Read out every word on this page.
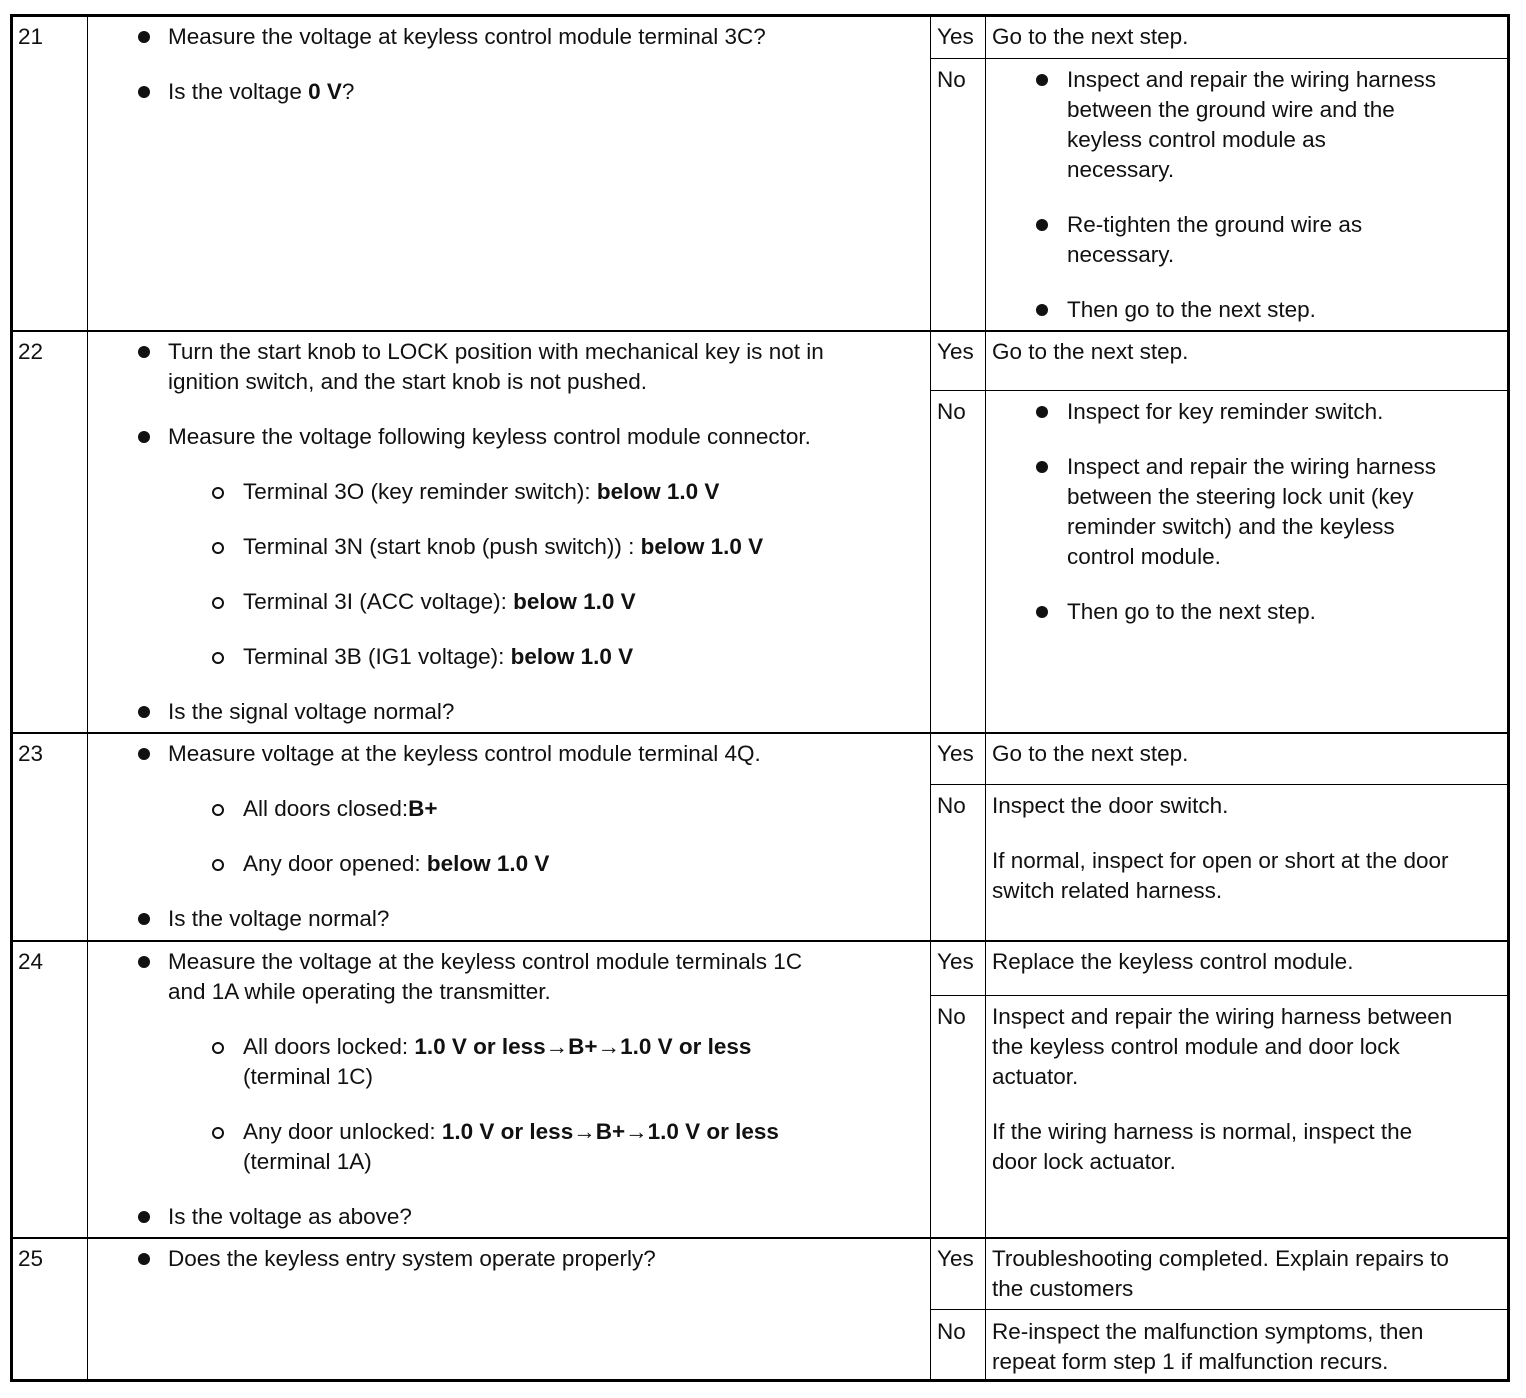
21	Measure the voltage at keyless control module terminal 3C?
Is the voltage 0 V?
Yes Go to the next step.
No	Inspect and repair the wiring harness
between the ground wire and the
keyless control module as
necessary.
Re-tighten the ground wire as
necessary.
Then go to the next step.
22	Turn the start knob to LOCK position with mechanical key is not in
ignition switch, and the start knob is not pushed.
Measure the voltage following keyless control module connector.
Terminal 3O (key reminder switch): below 1.0 V
Terminal 3N (start knob (push switch)) : below 1.0 V
Terminal 3I (ACC voltage): below 1.0 V
Terminal 3B (IG1 voltage): below 1.0 V
Is the signal voltage normal?
Yes Go to the next step.
No	Inspect for key reminder switch.
Inspect and repair the wiring harness
between the steering lock unit (key
reminder switch) and the keyless
control module.
Then go to the next step.
23	Measure voltage at the keyless control module terminal 4Q.
All doors closed:B+
Any door opened: below 1.0 V
Is the voltage normal?
Yes Go to the next step.
No Inspect the door switch.
If normal, inspect for open or short at the door
switch related harness.
24	Measure the voltage at the keyless control module terminals 1C
and 1A while operating the transmitter.
All doors locked: 1.0 V or less→B+→1.0 V or less
(terminal 1C)
Any door unlocked: 1.0 V or less→B+→1.0 V or less
(terminal 1A)
Is the voltage as above?
Yes Replace the keyless control module.
No Inspect and repair the wiring harness between
the keyless control module and door lock
actuator.
If the wiring harness is normal, inspect the
door lock actuator.
25	Does the keyless entry system operate properly?	Yes Troubleshooting completed. Explain repairs to
the customers
No Re-inspect the malfunction symptoms, then
repeat form step 1 if malfunction recurs.
